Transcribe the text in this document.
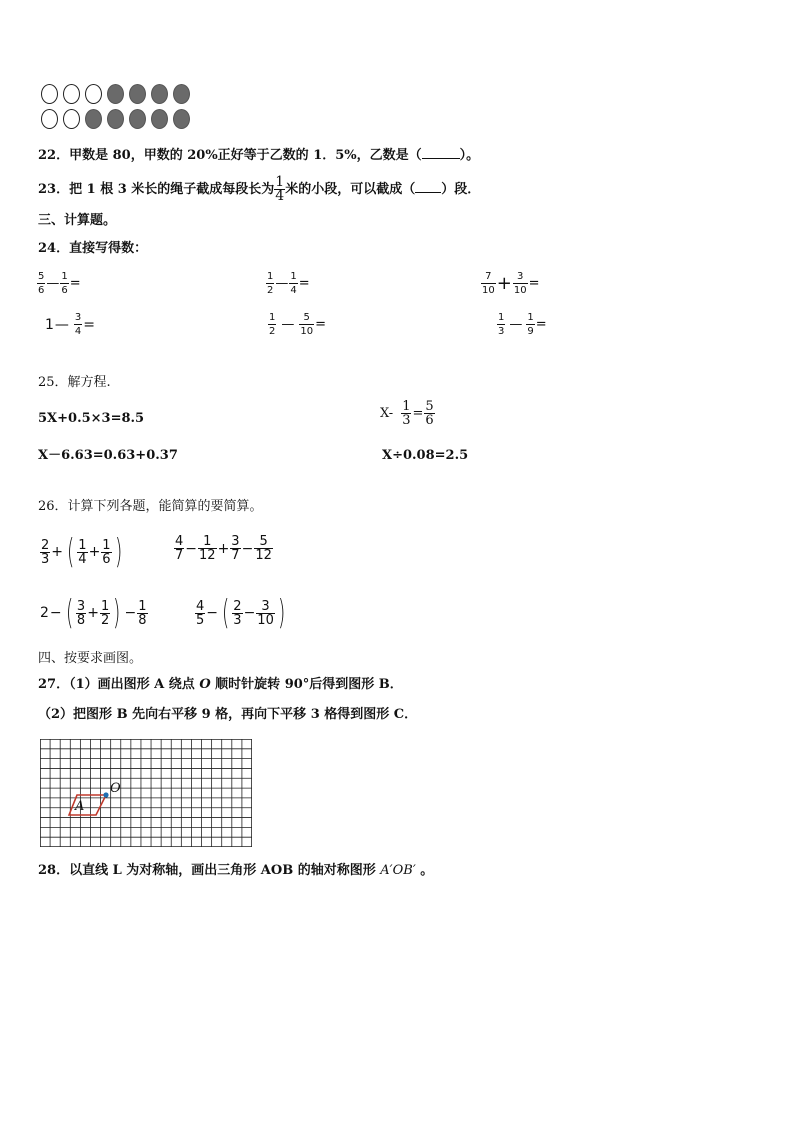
22．甲数是 80，甲数的 20%正好等于乙数的 1．5%，乙数是（	）。
23．把 1 根 3 米长的绳子截成每段长为 $\frac{1}{4}$ 米的小段，可以截成（ ）段．
三、计算题。
24．直接写得数：
$\frac{5}{6}$ — $\frac{1}{6}$ =	$\frac{1}{2}$ — $\frac{1}{4}$ =	$\frac{7}{10} + \frac{3}{10}$ =
1 — $\frac{3}{4}$ =	$\frac{1}{2}$ — $\frac{5}{10}$ =	$\frac{1}{3}$ — $\frac{1}{9}$ =
25．解方程.
5X+0.5×3=8.5	$X- \frac{1}{3} = \frac{5}{6}$
X－6.63=0.63+0.37	X÷0.08=2.5
26．计算下列各题，能简算的要简算。
$\frac{2}{3}$ + ( $\frac{1}{4} + \frac{1}{6}$ )	$\frac{4}{7} - \frac{1}{12} + \frac{3}{7} - \frac{5}{12}$
2 − ( $\frac{3}{8} + \frac{1}{2}$ ) − $\frac{1}{8}$	$\frac{4}{5}$ − ( $\frac{2}{3} - \frac{3}{10}$ )
四、按要求画图。
27．（1）画出图形 A 绕点 O 顺时针旋转 90°后得到图形 B．
（2）把图形 B 先向右平移 9 格，再向下平移 3 格得到图形 C．
A
O
28．以直线 L 为对称轴，画出三角形 AOB 的轴对称图形 A′OB′ 。
